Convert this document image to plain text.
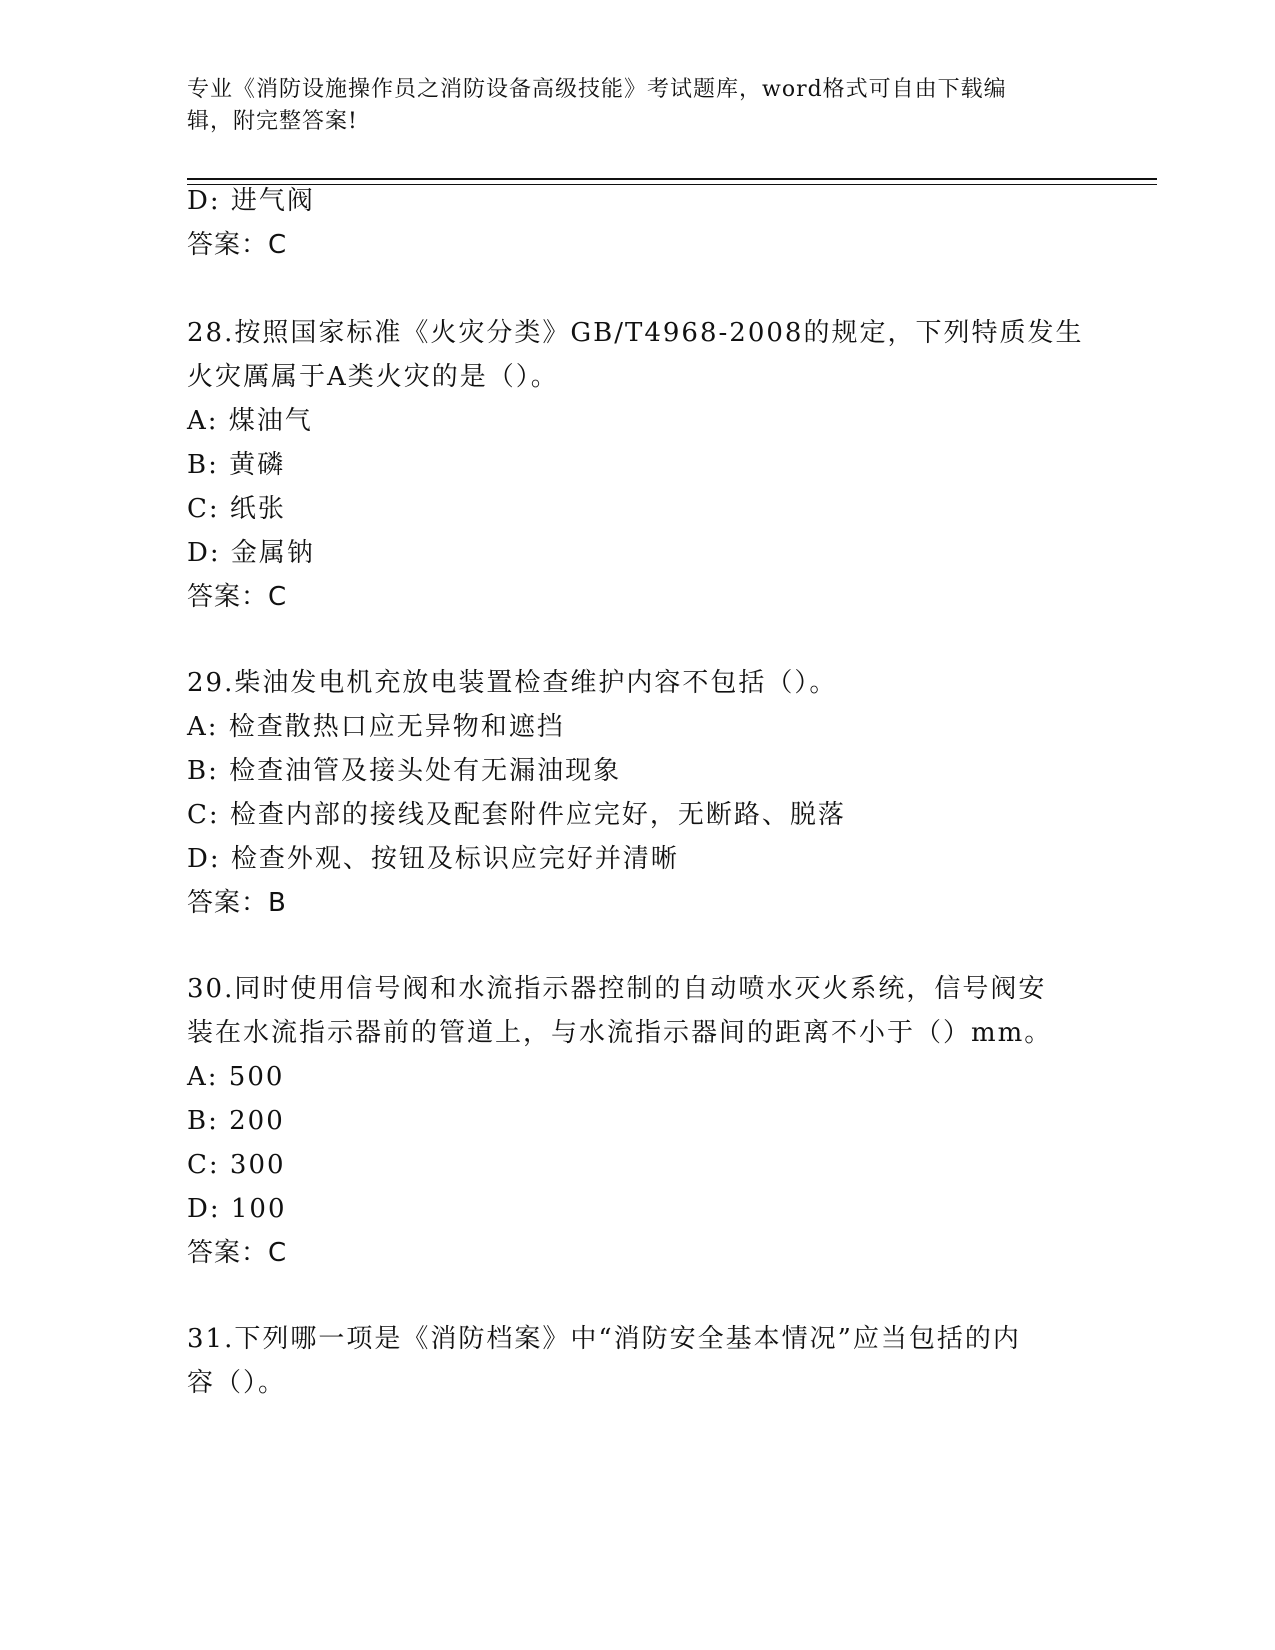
专业《消防设施操作员之消防设备高级技能》考试题库，word格式可自由下载编
辑，附完整答案!
D: 进气阀
答案：C
28.按照国家标准《火灾分类》GB/T4968-2008的规定，下列特质发生
火灾厲属于A类火灾的是（）。
A: 煤油气
B: 黄磷
C: 纸张
D: 金属钠
答案：C
29.柴油发电机充放电装置检查维护内容不包括（）。
A: 检查散热口应无异物和遮挡
B: 检查油管及接头处有无漏油现象
C: 检查内部的接线及配套附件应完好，无断路、脱落
D: 检查外观、按钮及标识应完好并清晰
答案：B
30.同时使用信号阀和水流指示器控制的自动喷水灭火系统，信号阀安
装在水流指示器前的管道上，与水流指示器间的距离不小于（）mm。
A: 500
B: 200
C: 300
D: 100
答案：C
31.下列哪一项是《消防档案》中“消防安全基本情况”应当包括的内
容（）。
